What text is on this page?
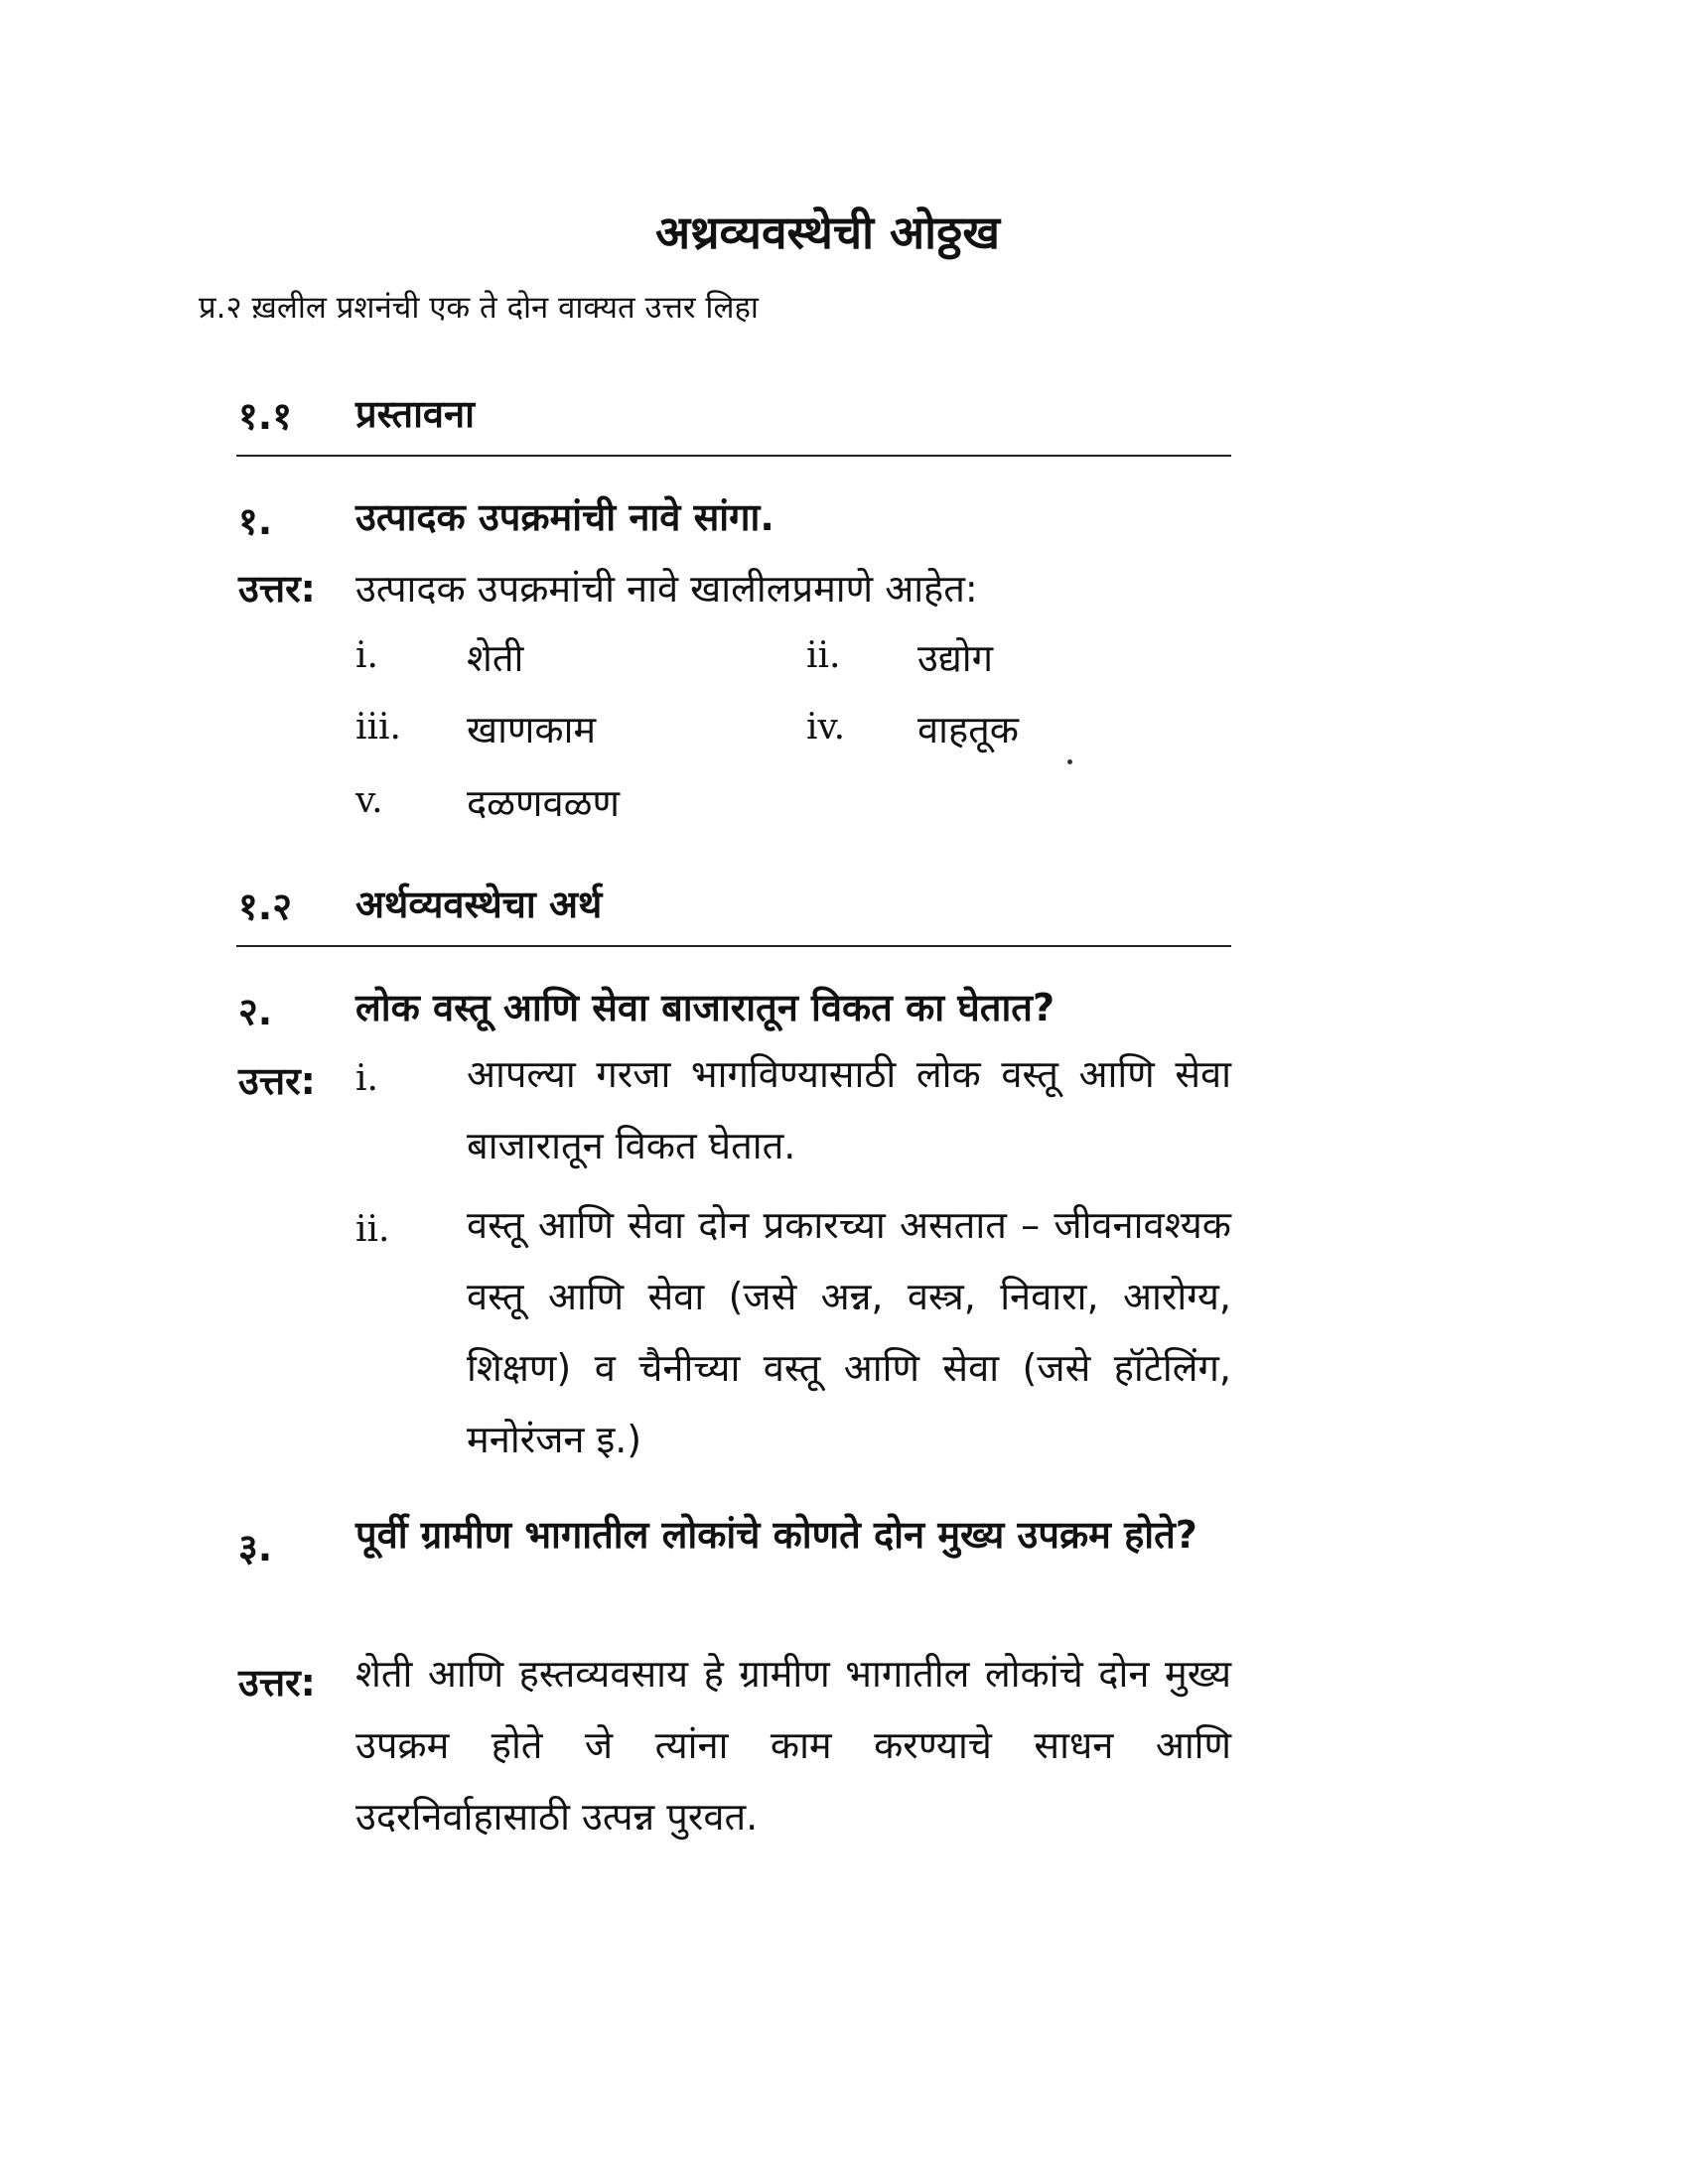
अथ्रव्यवस्थेची ओठ्ठख
प्र.२ ख़लील प्रशनंची एक ते दोन वाक्यत उत्तर लिहा
१.१ प्रस्तावना
१. उत्पादक उपक्रमांची नावे सांगा.
उत्तर: उत्पादक उपक्रमांची नावे खालीलप्रमाणे आहेत:
i. शेती	ii. उद्योग
iii. खाणकाम	iv. वाहतूक
v. दळणवळण
१.२ अर्थव्यवस्थेचा अर्थ
२. लोक वस्तू आणि सेवा बाजारातून विकत का घेतात?
उत्तर: i. आपल्या गरजा भागविण्यासाठी लोक वस्तू आणि सेवा बाजारातून विकत घेतात.
ii. वस्तू आणि सेवा दोन प्रकारच्या असतात – जीवनावश्यक वस्तू आणि सेवा (जसे अन्न, वस्त्र, निवारा, आरोग्य, शिक्षण) व चैनीच्या वस्तू आणि सेवा (जसे हॉटेलिंग, मनोरंजन इ.)
३. पूर्वी ग्रामीण भागातील लोकांचे कोणते दोन मुख्य उपक्रम होते?
उत्तर: शेती आणि हस्तव्यवसाय हे ग्रामीण भागातील लोकांचे दोन मुख्य उपक्रम होते जे त्यांना काम करण्याचे साधन आणि उदरनिर्वाहासाठी उत्पन्न पुरवत.
